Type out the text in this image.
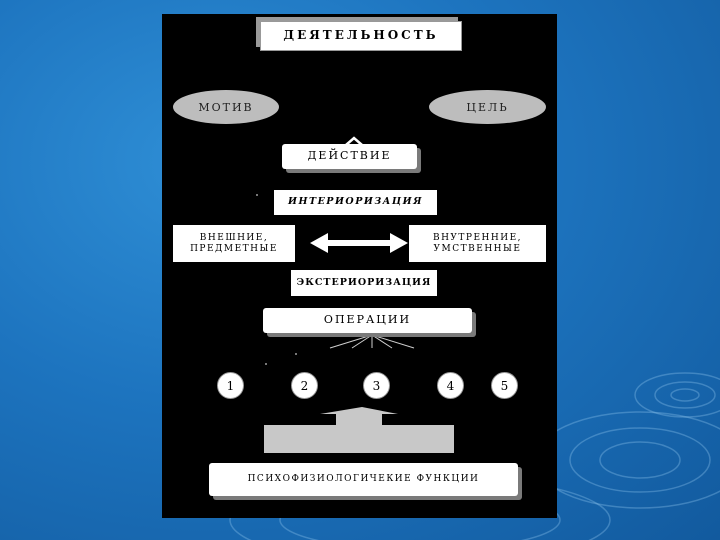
ДЕЯТЕЛЬНОСТЬ
МОТИВ	ЦЕЛЬ
ДЕЙСТВИЕ
ИНТЕРИОРИЗАЦИЯ
ВНЕШНИЕ,
ПРЕДМЕТНЫЕ
ВНУТРЕННИЕ,
УМСТВЕННЫЕ
ЭКСТЕРИОРИЗАЦИЯ
ОПЕРАЦИИ
1	2	3	4	5
ПСИХОФИЗИОЛОГИЧЕКИЕ ФУНКЦИИ
